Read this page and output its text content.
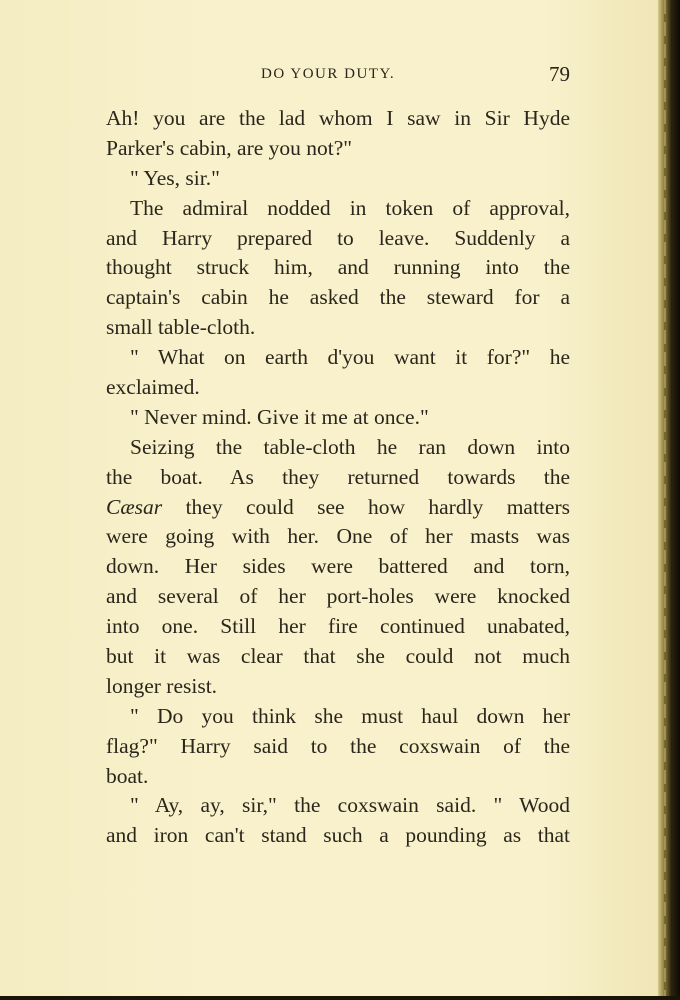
DO YOUR DUTY.	79
Ah! you are the lad whom I saw in Sir Hyde
Parker's cabin, are you not?"
" Yes, sir."
The admiral nodded in token of approval,
and Harry prepared to leave. Suddenly a
thought struck him, and running into the
captain's cabin he asked the steward for a
small table-cloth.
" What on earth d'you want it for?" he
exclaimed.
" Never mind. Give it me at once."
Seizing the table-cloth he ran down into
the boat. As they returned towards the
Cæsar they could see how hardly matters
were going with her. One of her masts was
down. Her sides were battered and torn,
and several of her port-holes were knocked
into one. Still her fire continued unabated,
but it was clear that she could not much
longer resist.
" Do you think she must haul down her
flag?" Harry said to the coxswain of the
boat.
" Ay, ay, sir," the coxswain said. " Wood
and iron can't stand such a pounding as that
